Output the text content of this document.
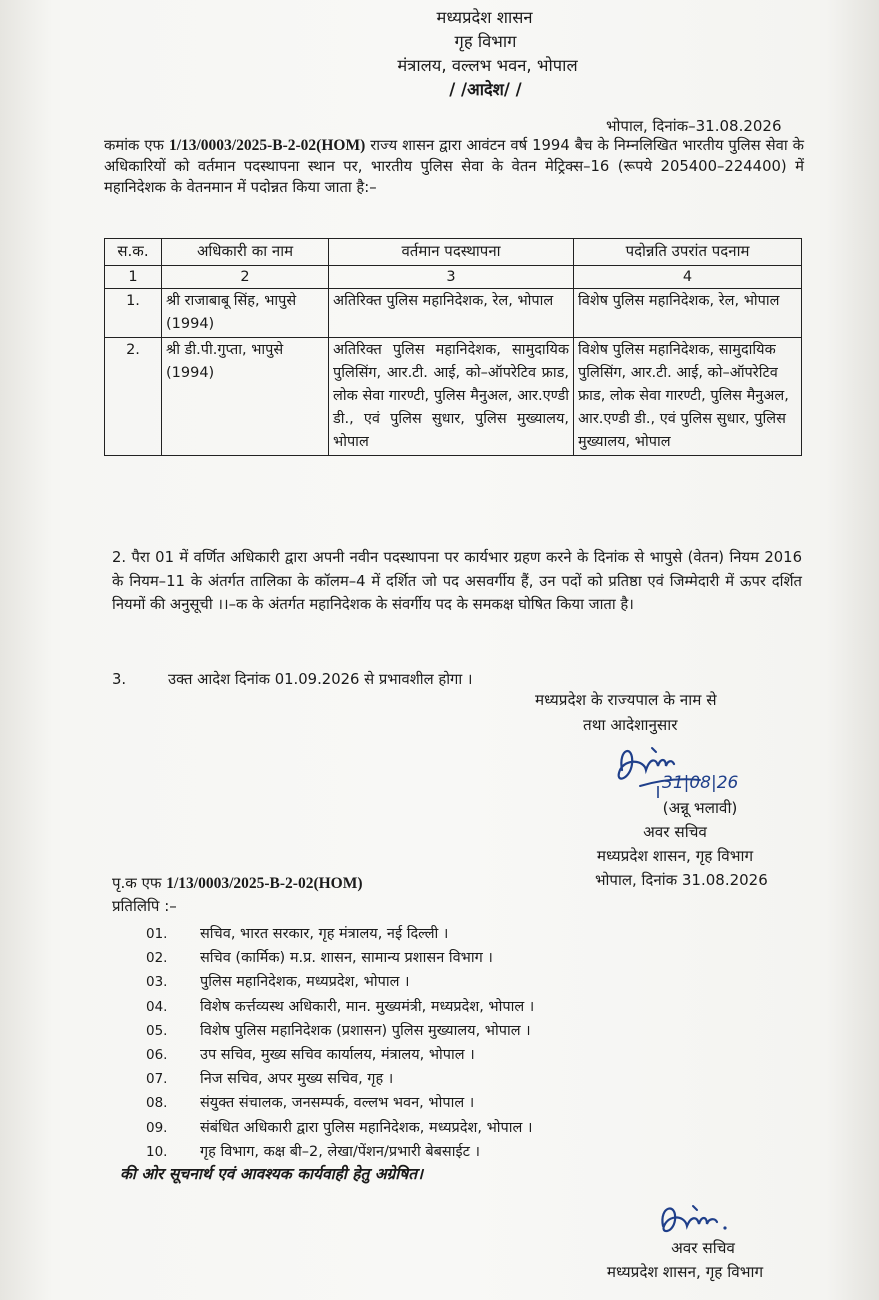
मध्यप्रदेश शासन
गृह विभाग
मंत्रालय, वल्लभ भवन, भोपाल
/ /आदेश/ /
भोपाल, दिनांक–31.08.2026
कमांक एफ 1/13/0003/2025-B-2-02(HOM) राज्य शासन द्वारा आवंटन वर्ष 1994 बैच के निम्नलिखित भारतीय पुलिस सेवा के अधिकारियों को वर्तमान पदस्थापना स्थान पर, भारतीय पुलिस सेवा के वेतन मेट्रिक्स–16 (रूपये 205400–224400) में महानिदेशक के वेतनमान में पदोन्नत किया जाता है:–
स.क.	अधिकारी का नाम	वर्तमान पदस्थापना	पदोन्नति उपरांत पदनाम
1	2	3	4
1.	श्री राजाबाबू सिंह, भापुसे (1994)	अतिरिक्त पुलिस महानिदेशक, रेल, भोपाल	विशेष पुलिस महानिदेशक, रेल, भोपाल
2.	श्री डी.पी.गुप्ता, भापुसे (1994)	अतिरिक्त पुलिस महानिदेशक, सामुदायिक पुलिसिंग, आर.टी. आई, को–ऑपरेटिव फ्राड, लोक सेवा गारण्टी, पुलिस मैनुअल, आर.एण्डी डी., एवं पुलिस सुधार, पुलिस मुख्यालय, भोपाल	विशेष पुलिस महानिदेशक, सामुदायिक पुलिसिंग, आर.टी. आई, को–ऑपरेटिव फ्राड, लोक सेवा गारण्टी, पुलिस मैनुअल, आर.एण्डी डी., एवं पुलिस सुधार, पुलिस मुख्यालय, भोपाल
2. पैरा 01 में वर्णित अधिकारी द्वारा अपनी नवीन पदस्थापना पर कार्यभार ग्रहण करने के दिनांक से भापुसे (वेतन) नियम 2016 के नियम–11 के अंतर्गत तालिका के कॉलम–4 में दर्शित जो पद असवर्गीय हैं, उन पदों को प्रतिष्ठा एवं जिम्मेदारी में ऊपर दर्शित नियमों की अनुसूची ।।–क के अंतर्गत महानिदेशक के संवर्गीय पद के समकक्ष घोषित किया जाता है।
3.	उक्त आदेश दिनांक 01.09.2026 से प्रभावशील होगा ।
मध्यप्रदेश के राज्यपाल के नाम से
तथा आदेशानुसार
31|08|26
(अन्नू भलावी)
अवर सचिव
मध्यप्रदेश शासन, गृह विभाग
पृ.क एफ 1/13/0003/2025-B-2-02(HOM)	भोपाल, दिनांक 31.08.2026
प्रतिलिपि :–
01. सचिव, भारत सरकार, गृह मंत्रालय, नई दिल्ली ।
02. सचिव (कार्मिक) म.प्र. शासन, सामान्य प्रशासन विभाग ।
03. पुलिस महानिदेशक, मध्यप्रदेश, भोपाल ।
04. विशेष कर्त्तव्यस्थ अधिकारी, मान. मुख्यमंत्री, मध्यप्रदेश, भोपाल ।
05. विशेष पुलिस महानिदेशक (प्रशासन) पुलिस मुख्यालय, भोपाल ।
06. उप सचिव, मुख्य सचिव कार्यालय, मंत्रालय, भोपाल ।
07. निज सचिव, अपर मुख्य सचिव, गृह ।
08. संयुक्त संचालक, जनसम्पर्क, वल्लभ भवन, भोपाल ।
09. संबंधित अधिकारी द्वारा पुलिस महानिदेशक, मध्यप्रदेश, भोपाल ।
10. गृह विभाग, कक्ष बी–2, लेखा/पेंशन/प्रभारी बेबसाईट ।
की ओर सूचनार्थ एवं आवश्यक कार्यवाही हेतु अग्रेषित।
अवर सचिव
मध्यप्रदेश शासन, गृह विभाग
